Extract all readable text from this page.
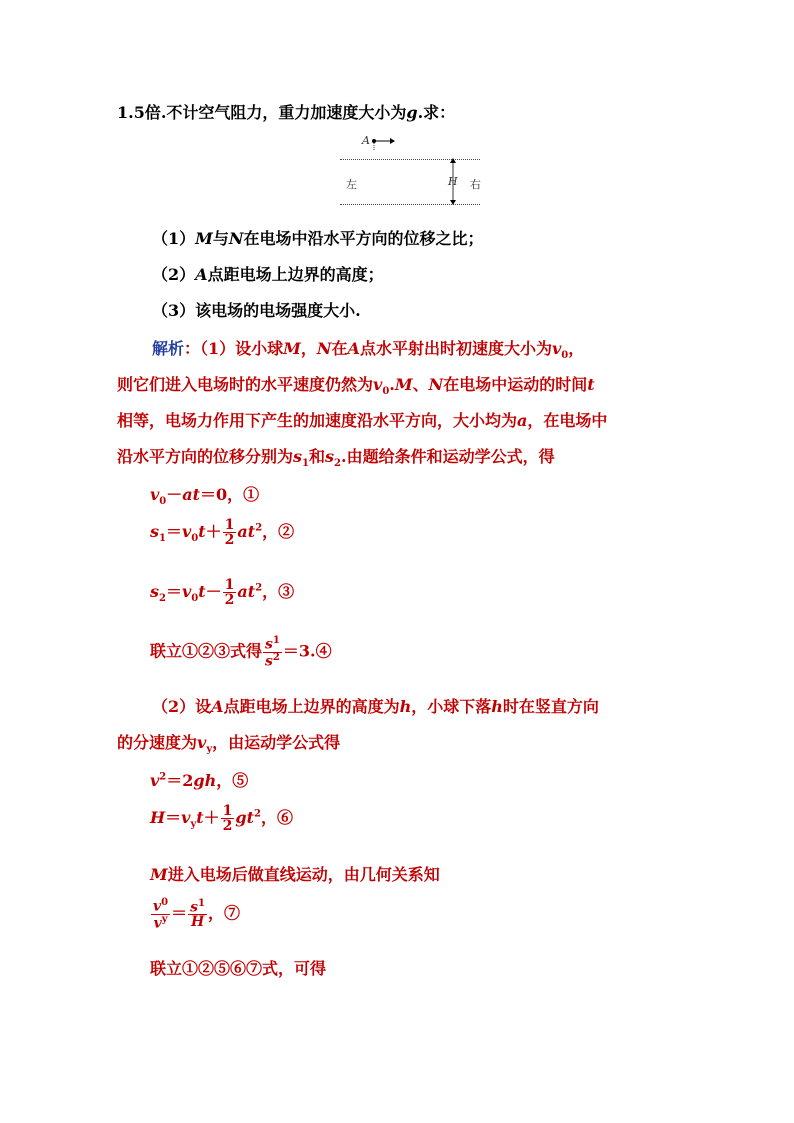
1.5倍.不计空气阻力，重力加速度大小为g.求：
A
H
左	右
（1）M与N在电场中沿水平方向的位移之比；
（2）A点距电场上边界的高度；
（3）该电场的电场强度大小.
解析：（1）设小球M，N在A点水平射出时初速度大小为$v_0$，
则它们进入电场时的水平速度仍然为$v_0.M$、N在电场中运动的时间t
相等，电场力作用下产生的加速度沿水平方向，大小均为a，在电场中
沿水平方向的位移分别为$s_1$和$s_2$.由题给条件和运动学公式，得
$v_0-at=0$，①
$s_1=v_0t+ \frac{1}{2} at^2$，②
$s_2=v_0t- \frac{1}{2} at^2$，③
联立①②③式得 $\frac{s^1}{s^2}$ ＝3.④
（2）设A点距电场上边界的高度为h，小球下落h时在竖直方向
的分速度为$v_y$，由运动学公式得
$v^2=2gh$，⑤
$H=v_yt+ \frac{1}{2} gt^2$，⑥
M进入电场后做直线运动，由几何关系知
$\frac{v^0}{v^y} = \frac{s^1}{H}$ ，⑦
联立①②⑤⑥⑦式，可得
